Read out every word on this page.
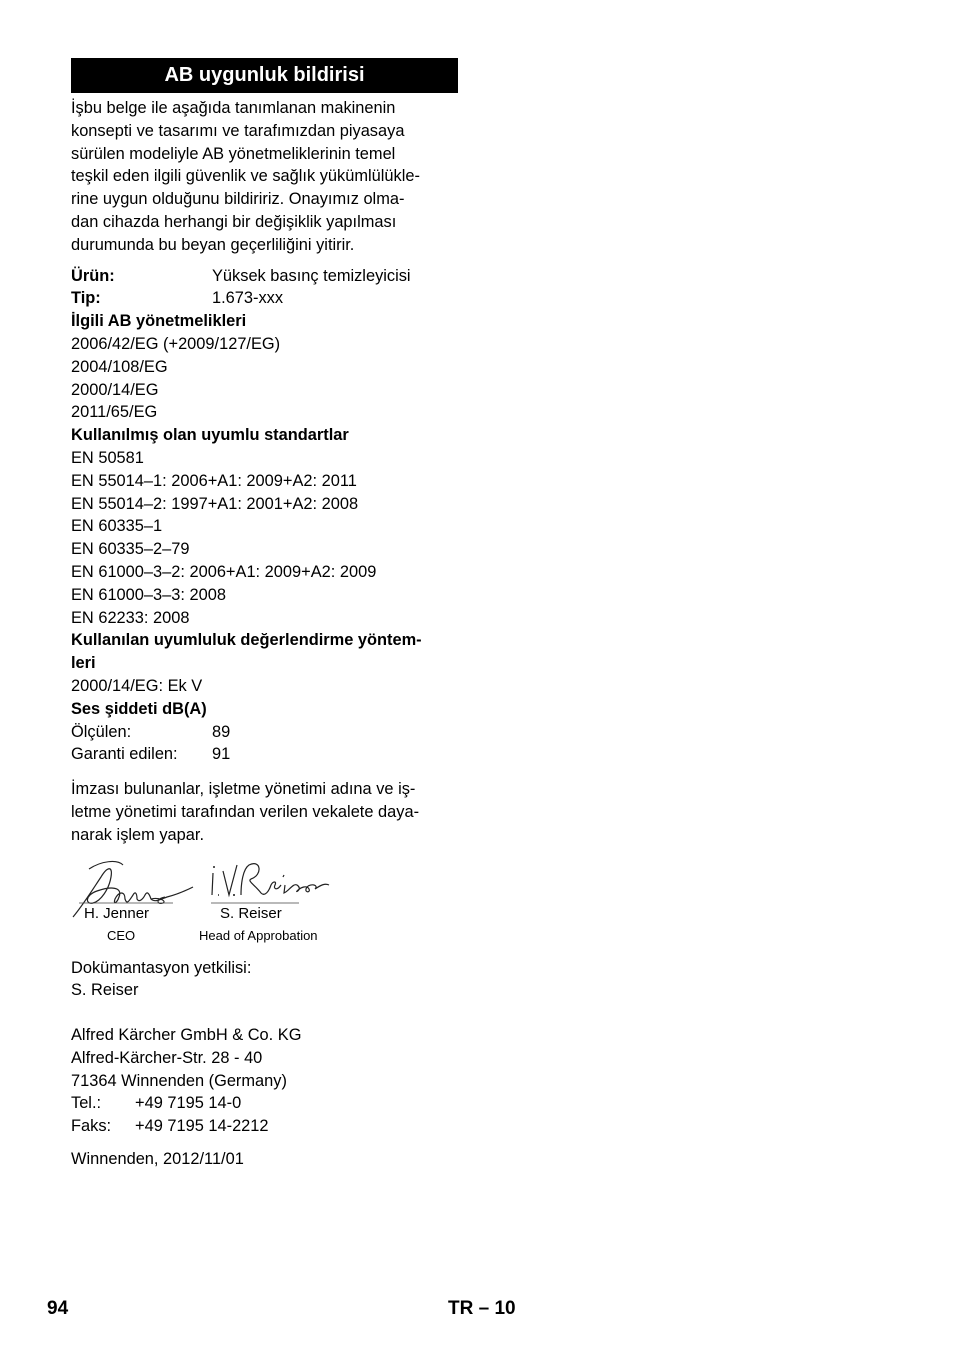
AB uygunluk bildirisi
İşbu belge ile aşağıda tanımlanan makinenin
konsepti ve tasarımı ve tarafımızdan piyasaya
sürülen modeliyle AB yönetmeliklerinin temel
teşkil eden ilgili güvenlik ve sağlık yükümlülükle-
rine uygun olduğunu bildiririz. Onayımız olma-
dan cihazda herhangi bir değişiklik yapılması
durumunda bu beyan geçerliliğini yitirir.
Ürün:	Yüksek basınç temizleyicisi
Tip:	1.673-xxx
İlgili AB yönetmelikleri
2006/42/EG (+2009/127/EG)
2004/108/EG
2000/14/EG
2011/65/EG
Kullanılmış olan uyumlu standartlar
EN 50581
EN 55014–1: 2006+A1: 2009+A2: 2011
EN 55014–2: 1997+A1: 2001+A2: 2008
EN 60335–1
EN 60335–2–79
EN 61000–3–2: 2006+A1: 2009+A2: 2009
EN 61000–3–3: 2008
EN 62233: 2008
Kullanılan uyumluluk değerlendirme yöntem-
leri
2000/14/EG: Ek V
Ses şiddeti dB(A)
Ölçülen:	89
Garanti edilen:	91
İmzası bulunanlar, işletme yönetimi adına ve iş-
letme yönetimi tarafından verilen vekalete daya-
narak işlem yapar.
H. Jenner
CEO
S. Reiser
Head of Approbation
Dokümantasyon yetkilisi:
S. Reiser
Alfred Kärcher GmbH & Co. KG
Alfred-Kärcher-Str. 28 - 40
71364 Winnenden (Germany)
Tel.:	+49 7195 14-0
Faks:	+49 7195 14-2212
Winnenden, 2012/11/01
94	TR – 10
